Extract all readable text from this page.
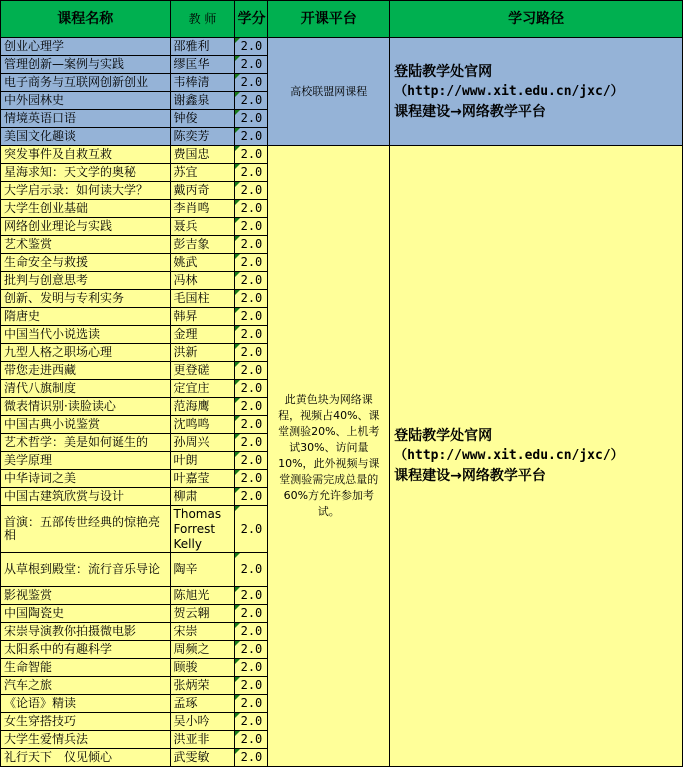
课程名称	教 师	学分	开课平台	学习路径
创业心理学	邵雅利	2.0	高校联盟网课程	登陆教学处官网
（http://www.xit.edu.cn/jxc/）
课程建设→网络教学平台

管理创新—案例与实践	缪匡华	2.0		
电子商务与互联网创新创业	韦棒清	2.0		
中外园林史	谢鑫泉	2.0		
情境英语口语	钟俊	2.0		
美国文化趣谈	陈奕芳	2.0		
突发事件及自救互救	费国忠	2.0	此黄色块为网络课程，视频占40%、课堂测验20%、上机考试30%、访问量10%，此外视频与课堂测验需完成总量的60%方允许参加考试。	登陆教学处官网
（http://www.xit.edu.cn/jxc/）
课程建设→网络教学平台

星海求知：天文学的奥秘	苏宜	2.0		
大学启示录：如何读大学？	戴丙奇	2.0		
大学生创业基础	李肖鸣	2.0		
网络创业理论与实践	聂兵	2.0		
艺术鉴赏	彭吉象	2.0		
生命安全与救援	姚武	2.0		
批判与创意思考	冯林	2.0		
创新、发明与专利实务	毛国柱	2.0		
隋唐史	韩昇	2.0		
中国当代小说选读	金理	2.0		
九型人格之职场心理	洪新	2.0		
带您走进西藏	更登磋	2.0		
清代八旗制度	定宜庄	2.0		
微表情识别·读脸读心	范海鹰	2.0		
中国古典小说鉴赏	沈鸣鸣	2.0		
艺术哲学：美是如何诞生的	孙周兴	2.0		
美学原理	叶朗	2.0		
中华诗词之美	叶嘉莹	2.0		
中国古建筑欣赏与设计	柳肃	2.0		
首演：五部传世经典的惊艳亮相	Thomas Forrest Kelly	2.0		
从草根到殿堂：流行音乐导论	陶辛	2.0		
影视鉴赏	陈旭光	2.0		
中国陶瓷史	贺云翱	2.0		
宋崇导演教你拍摄微电影	宋崇	2.0		
太阳系中的有趣科学	周频之	2.0		
生命智能	顾骏	2.0		
汽车之旅	张炳荣	2.0		
《论语》精读	孟琢	2.0		
女生穿搭技巧	吴小吟	2.0		
大学生爱情兵法	洪亚非	2.0		
礼行天下　仪见倾心	武雯敏	2.0		
